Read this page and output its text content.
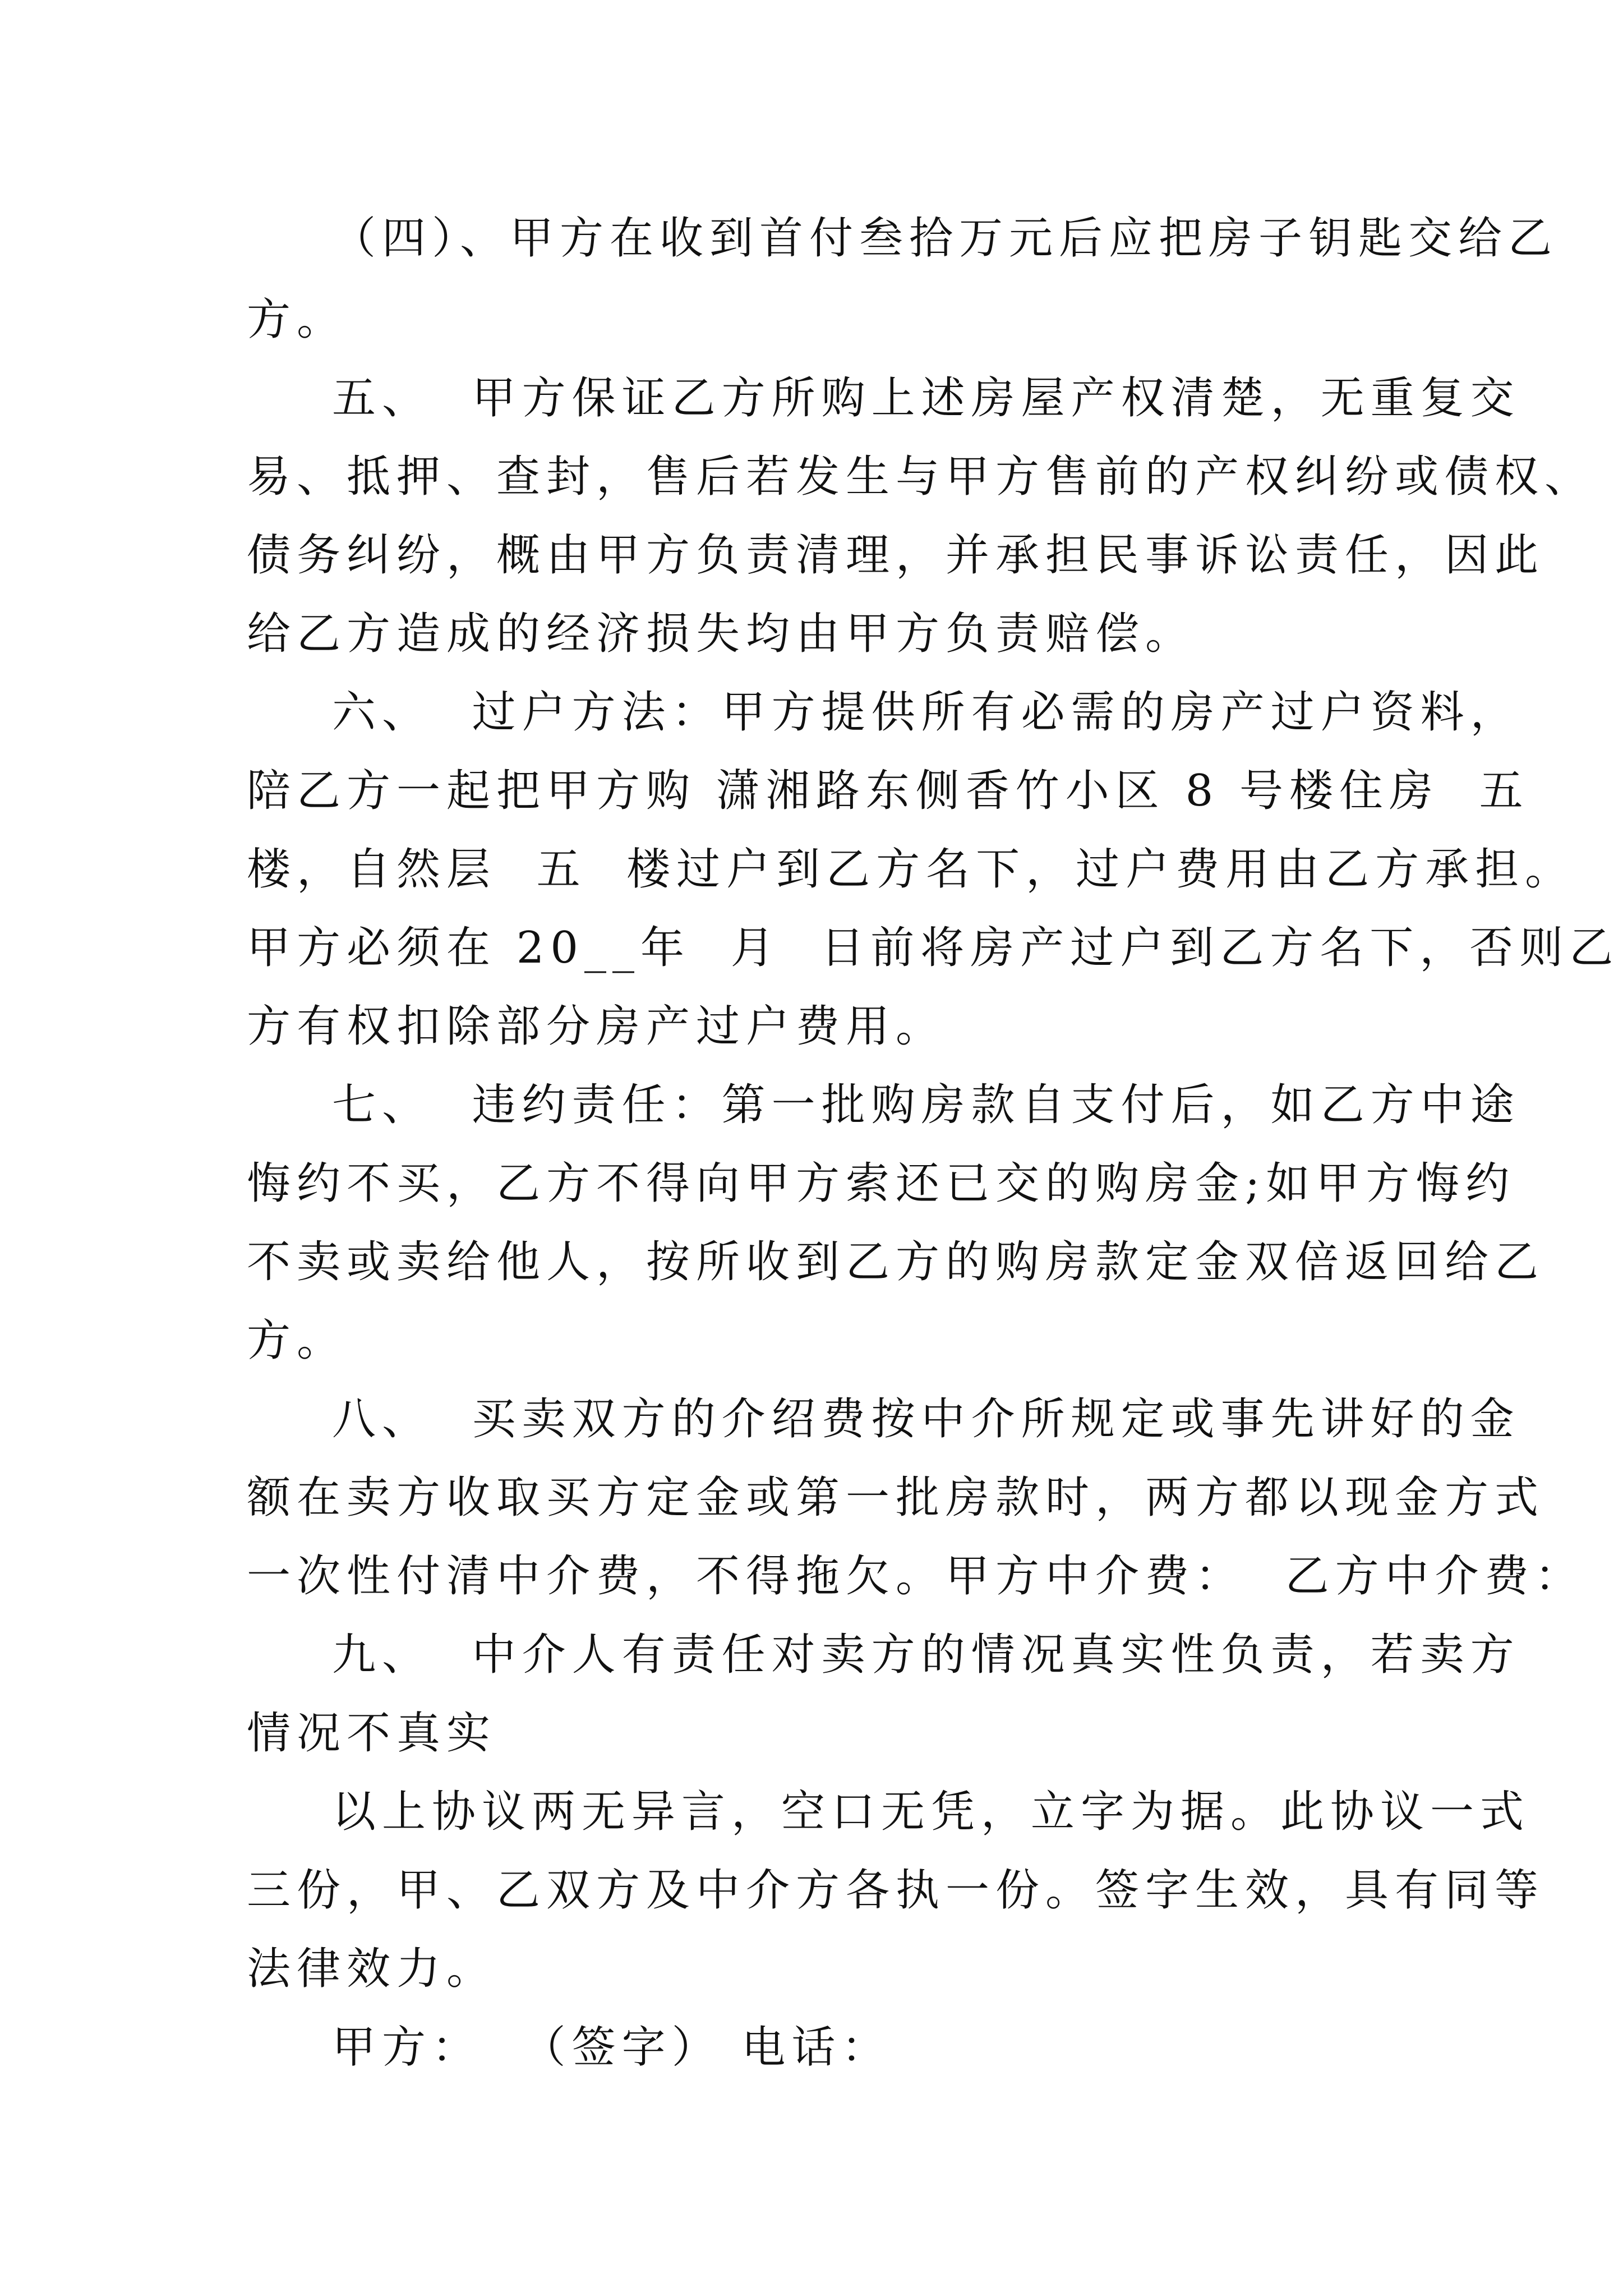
（四）、甲方在收到首付叁拾万元后应把房子钥匙交给乙
方。
五、  甲方保证乙方所购上述房屋产权清楚，无重复交
易、抵押、查封，售后若发生与甲方售前的产权纠纷或债权、
债务纠纷，概由甲方负责清理，并承担民事诉讼责任，因此
给乙方造成的经济损失均由甲方负责赔偿。
六、  过户方法：甲方提供所有必需的房产过户资料，
陪乙方一起把甲方购 潇湘路东侧香竹小区 8 号楼住房  五
楼，自然层  五  楼过户到乙方名下，过户费用由乙方承担。
甲方必须在 20__年  月  日前将房产过户到乙方名下，否则乙
方有权扣除部分房产过户费用。
七、  违约责任：第一批购房款自支付后，如乙方中途
悔约不买，乙方不得向甲方索还已交的购房金;如甲方悔约
不卖或卖给他人，按所收到乙方的购房款定金双倍返回给乙
方。
八、  买卖双方的介绍费按中介所规定或事先讲好的金
额在卖方收取买方定金或第一批房款时，两方都以现金方式
一次性付清中介费，不得拖欠。甲方中介费：  乙方中介费：
九、  中介人有责任对卖方的情况真实性负责，若卖方
情况不真实
以上协议两无异言，空口无凭，立字为据。此协议一式
三份，甲、乙双方及中介方各执一份。签字生效，具有同等
法律效力。
甲方：  （签字） 电话：
